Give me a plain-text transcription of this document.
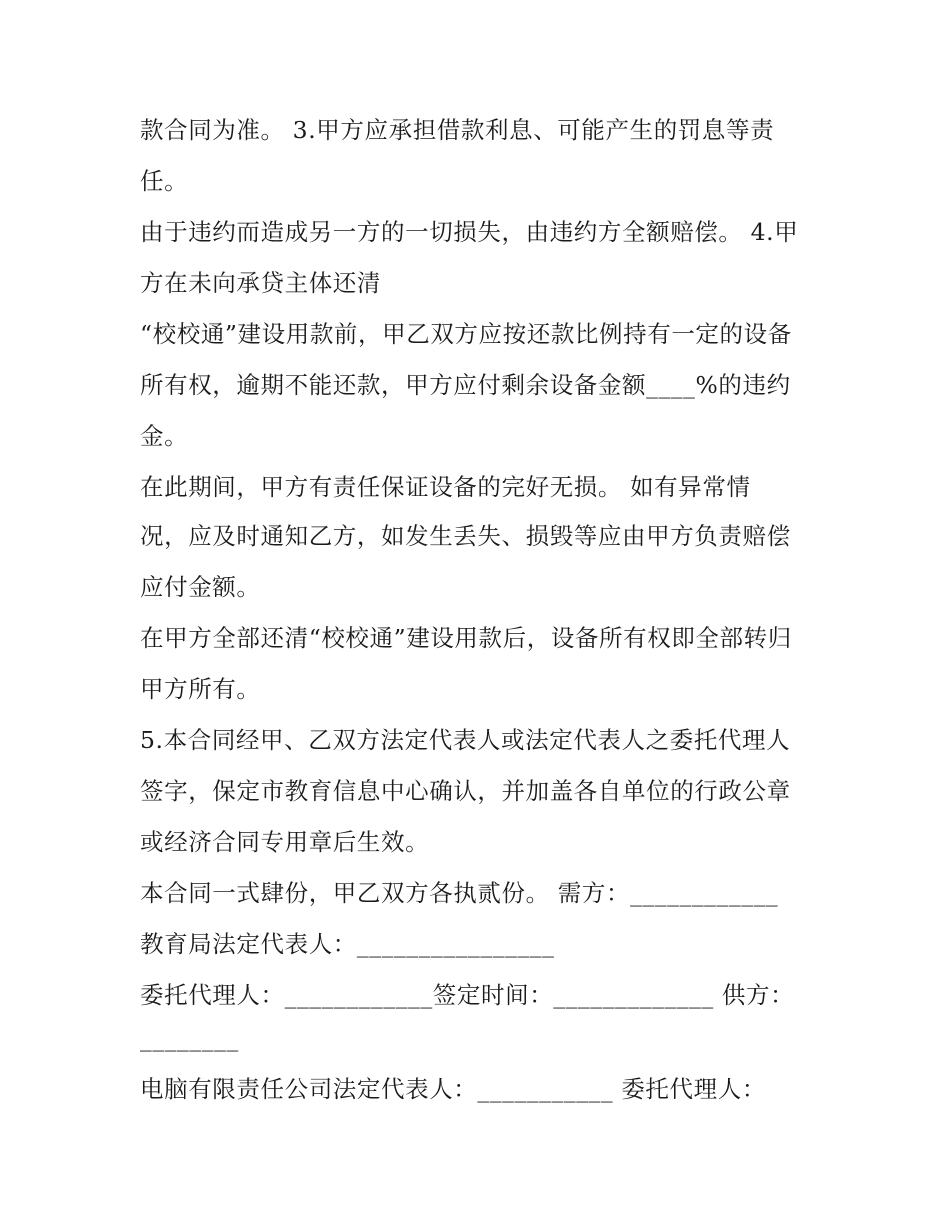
款合同为准。 3.甲方应承担借款利息、可能产生的罚息等责
任。
由于违约而造成另一方的一切损失，由违约方全额赔偿。 4.甲
方在未向承贷主体还清
“校校通”建设用款前，甲乙双方应按还款比例持有一定的设备
所有权，逾期不能还款，甲方应付剩余设备金额____%的违约
金。
在此期间，甲方有责任保证设备的完好无损。 如有异常情
况，应及时通知乙方，如发生丢失、损毁等应由甲方负责赔偿
应付金额。
在甲方全部还清“校校通”建设用款后，设备所有权即全部转归
甲方所有。
5.本合同经甲、乙双方法定代表人或法定代表人之委托代理人
签字，保定市教育信息中心确认，并加盖各自单位的行政公章
或经济合同专用章后生效。
本合同一式肆份，甲乙双方各执贰份。 需方：____________
教育局法定代表人：________________
委托代理人：____________签定时间：_____________ 供方：
________
电脑有限责任公司法定代表人：___________ 委托代理人：
